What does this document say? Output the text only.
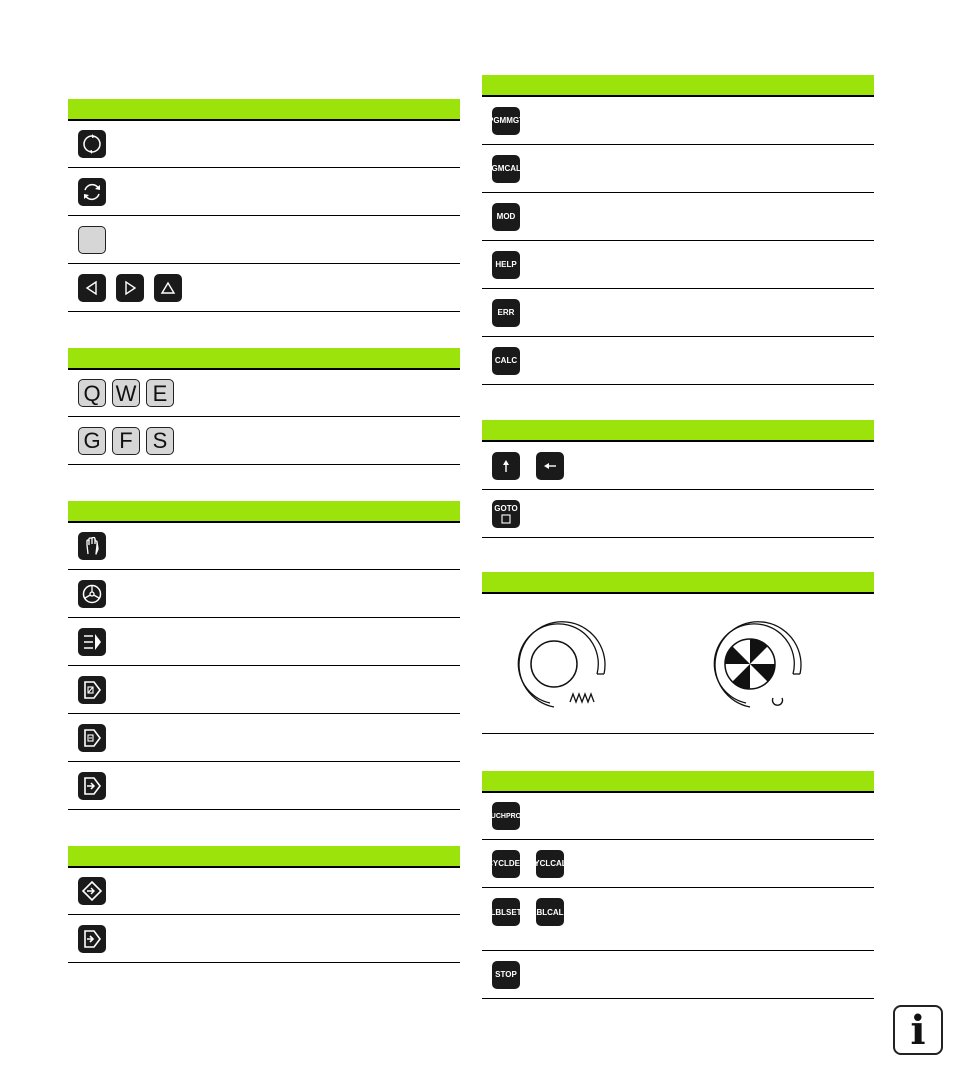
Q W E
G F S
PGM MGT
PGM CALL
MOD
HELP
ERR
CALC
GOTO
TOUCH PROBE
CYCL DEF CYCL CALL
LBL SET LBL CALL
STOP
i
